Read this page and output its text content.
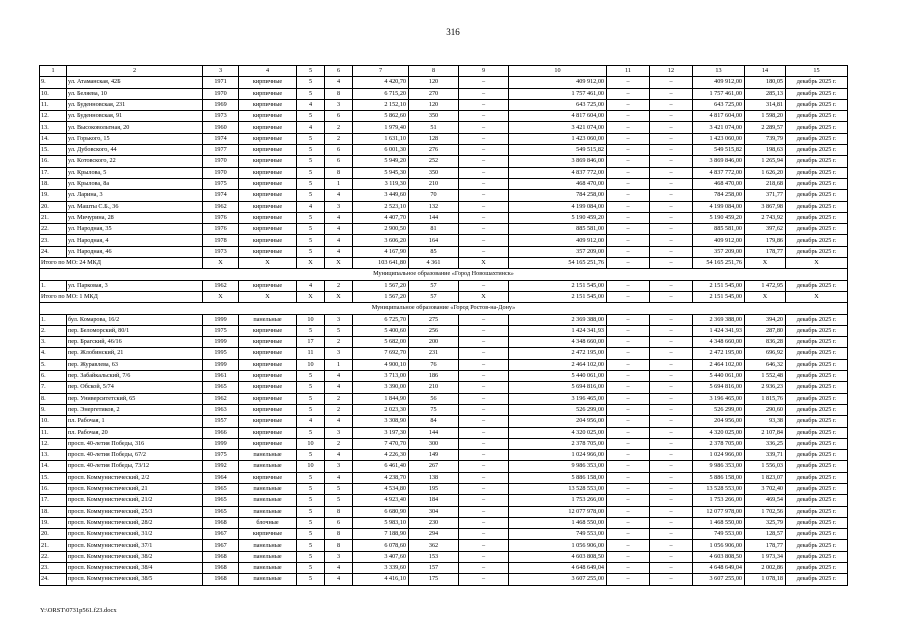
316
1	2	3	4	5	6	7	8	9	10	11	12	13	14	15
9.	ул. Атаманская, 42Б	1971	кирпичные	5	4	4 420,70	120	–	409 912,00	–	–	409 912,00	180,05	декабрь 2025 г.
10.	ул. Беляева, 10	1970	кирпичные	5	8	6 715,20	270	–	1 757 461,00	–	–	1 757 461,00	285,13	декабрь 2025 г.
11.	ул. Буденновская, 231	1969	кирпичные	4	3	2 152,10	120	–	643 725,00	–	–	643 725,00	314,81	декабрь 2025 г.
12.	ул. Буденновская, 91	1973	кирпичные	5	6	5 862,60	350	–	4 817 604,00	–	–	4 817 604,00	1 598,20	декабрь 2025 г.
13.	ул. Высоковольтная, 20	1960	кирпичные	4	2	1 979,40	51	–	3 421 074,00	–	–	3 421 074,00	2 289,57	декабрь 2025 г.
14.	ул. Горького, 15	1974	кирпичные	5	2	1 631,10	128	–	1 423 060,00	–	–	1 423 060,00	739,79	декабрь 2025 г.
15.	ул. Дубовского, 44	1977	кирпичные	5	6	6 001,30	276	–	549 515,82	–	–	549 515,82	198,63	декабрь 2025 г.
16.	ул. Котовского, 22	1970	кирпичные	5	6	5 949,20	252	–	3 869 846,00	–	–	3 869 846,00	1 265,94	декабрь 2025 г.
17.	ул. Крылова, 5	1970	кирпичные	5	8	5 945,30	350	–	4 837 772,00	–	–	4 837 772,00	1 626,20	декабрь 2025 г.
18.	ул. Крылова, 8а	1975	кирпичные	5	1	3 119,30	210	–	468 470,00	–	–	468 470,00	218,68	декабрь 2025 г.
19.	ул. Ларина, 3	1974	кирпичные	5	4	3 449,60	70	–	784 258,00	–	–	784 258,00	371,77	декабрь 2025 г.
20.	ул. Машты С.Б., 36	1962	кирпичные	4	3	2 523,10	132	–	4 199 084,00	–	–	4 199 084,00	3 867,98	декабрь 2025 г.
21.	ул. Мичурина, 28	1976	кирпичные	5	4	4 407,70	144	–	5 190 459,20	–	–	5 190 459,20	2 743,92	декабрь 2025 г.
22.	ул. Народная, 35	1976	кирпичные	5	4	2 900,50	81	–	885 581,00	–	–	885 581,00	397,62	декабрь 2025 г.
23.	ул. Народная, 4	1978	кирпичные	5	4	3 606,20	164	–	409 912,00	–	–	409 912,00	179,86	декабрь 2025 г.
24.	ул. Народная, 46	1973	кирпичные	5	4	4 167,90	85	–	357 209,00	–	–	357 209,00	178,77	декабрь 2025 г.
Итого по МО: 24 МКД		X	X	X	X	103 641,80	4 361	X	54 165 251,76	–	–	54 165 251,76	X	X
Муниципальное образование «Город Новошахтинск»														
1.	ул. Парковая, 3	1962	кирпичные	4	2	1 567,20	57	–	2 151 545,00	–	–	2 151 545,00	1 472,95	декабрь 2025 г.
Итого по МО: 1 МКД		X	X	X	X	1 567,20	57	X	2 151 545,00	–	–	2 151 545,00	X	X
Муниципальное образование «Город Ростов-на-Дону»														
1.	бул. Комарова, 16/2	1999	панельные	10	3	6 725,70	275	–	2 369 388,00	–	–	2 369 388,00	394,20	декабрь 2025 г.
2.	пер. Беломорский, 80/1	1975	кирпичные	5	5	5 400,60	256	–	1 424 341,93	–	–	1 424 341,93	287,80	декабрь 2025 г.
3.	пер. Брагский, 46/16	1999	кирпичные	17	2	5 682,00	200	–	4 348 660,00	–	–	4 348 660,00	836,28	декабрь 2025 г.
4.	пер. Жлобинский, 21	1995	кирпичные	11	3	7 692,70	231	–	2 472 195,00	–	–	2 472 195,00	696,92	декабрь 2025 г.
5.	пер. Журавлева, 63	1999	кирпичные	10	1	4 900,10	76	–	2 464 102,00	–	–	2 464 102,00	646,32	декабрь 2025 г.
6.	пер. Забайкальский, 7/6	1961	кирпичные	5	4	3 713,00	186	–	5 440 061,00	–	–	5 440 061,00	1 552,48	декабрь 2025 г.
7.	пер. Обской, 5/74	1965	кирпичные	5	4	3 390,00	210	–	5 694 816,00	–	–	5 694 816,00	2 936,23	декабрь 2025 г.
8.	пер. Университетский, 65	1962	кирпичные	5	2	1 844,90	56	–	3 196 465,00	–	–	3 196 465,00	1 815,76	декабрь 2025 г.
9.	пер. Энергетиков, 2	1963	кирпичные	5	2	2 023,30	75	–	526 299,00	–	–	526 299,00	290,60	декабрь 2025 г.
10.	пл. Рабочая, 1	1957	кирпичные	4	4	3 308,90	84	–	204 956,00	–	–	204 956,00	93,38	декабрь 2025 г.
11.	пл. Рабочая, 20	1966	кирпичные	5	3	3 197,30	144	–	4 320 025,00	–	–	4 320 025,00	2 107,84	декабрь 2025 г.
12.	просп. 40-летия Победы, 316	1999	кирпичные	10	2	7 470,70	300	–	2 378 705,00	–	–	2 378 705,00	336,25	декабрь 2025 г.
13.	просп. 40-летия Победы, 67/2	1975	панельные	5	4	4 226,30	149	–	1 024 966,00	–	–	1 024 966,00	339,71	декабрь 2025 г.
14.	просп. 40-летия Победы, 73/12	1992	панельные	10	3	6 461,40	267	–	9 986 353,00	–	–	9 986 353,00	1 556,03	декабрь 2025 г.
15.	просп. Коммунистический, 2/2	1964	кирпичные	5	4	4 238,70	138	–	5 886 158,00	–	–	5 886 158,00	1 823,07	декабрь 2025 г.
16.	просп. Коммунистический, 21	1965	панельные	5	5	4 534,80	195	–	13 528 553,00	–	–	13 528 553,00	3 702,40	декабрь 2025 г.
17.	просп. Коммунистический, 21/2	1965	панельные	5	5	4 923,40	184	–	1 753 266,00	–	–	1 753 266,00	469,54	декабрь 2025 г.
18.	просп. Коммунистический, 25/3	1965	панельные	5	8	6 680,90	304	–	12 077 978,00	–	–	12 077 978,00	1 702,56	декабрь 2025 г.
19.	просп. Коммунистический, 28/2	1968	блочные	5	6	5 983,10	230	–	1 468 550,00	–	–	1 468 550,00	325,79	декабрь 2025 г.
20.	просп. Коммунистический, 31/2	1967	кирпичные	5	8	7 188,90	294	–	749 553,00	–	–	749 553,00	128,57	декабрь 2025 г.
21.	просп. Коммунистический, 37/1	1967	панельные	5	8	6 078,60	362	–	1 056 906,00	–	–	1 056 906,00	178,77	декабрь 2025 г.
22.	просп. Коммунистический, 38/2	1968	панельные	5	3	3 407,60	153	–	4 603 808,50	–	–	4 603 808,50	1 973,34	декабрь 2025 г.
23.	просп. Коммунистический, 38/4	1968	панельные	5	4	3 339,60	157	–	4 648 649,04	–	–	4 648 649,04	2 002,86	декабрь 2025 г.
24.	просп. Коммунистический, 38/5	1968	панельные	5	4	4 416,10	175	–	3 607 255,00	–	–	3 607 255,00	1 078,18	декабрь 2025 г.
Y:\ORST\0731p561.f23.docx
